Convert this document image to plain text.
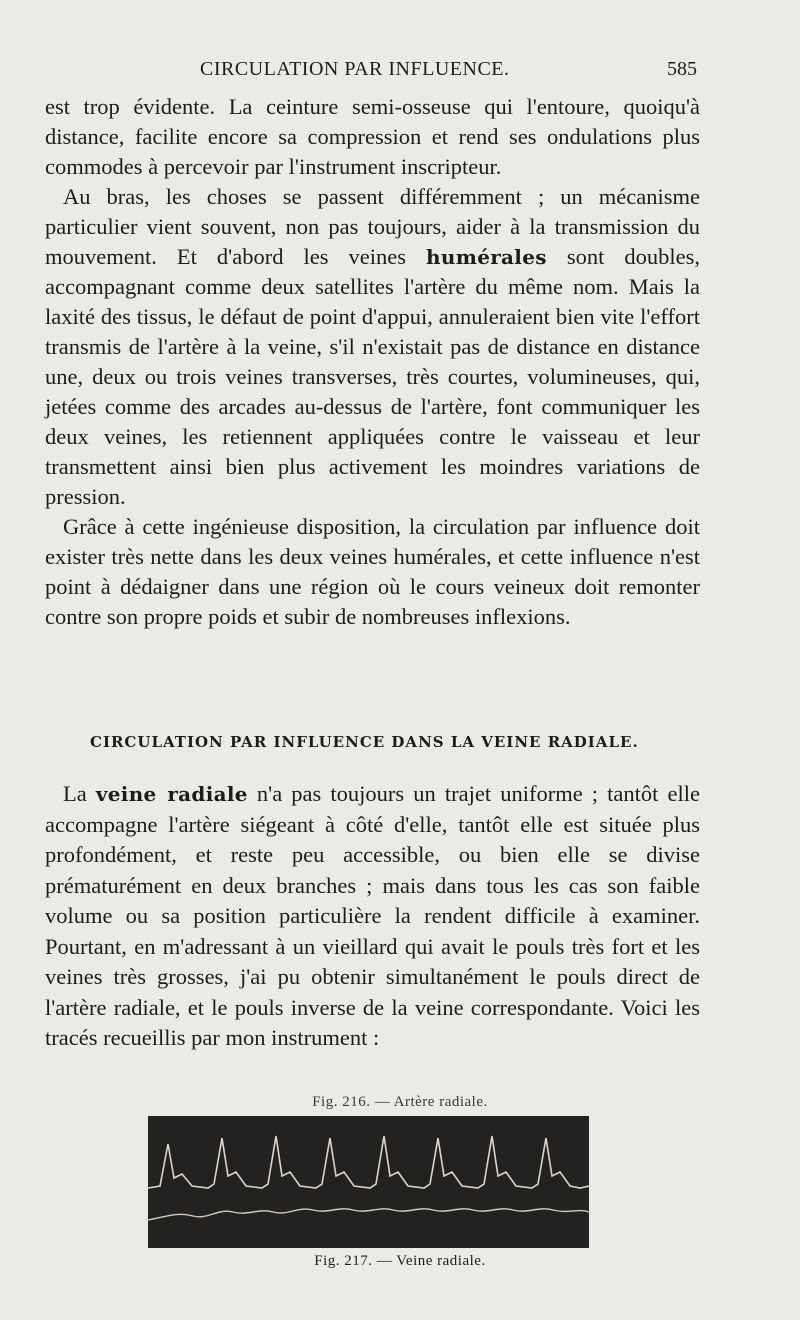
CIRCULATION PAR INFLUENCE.	585

est trop évidente. La ceinture semi-osseuse qui l'entoure, quoiqu'à distance, facilite encore sa compression et rend ses ondulations plus commodes à percevoir par l'instrument inscripteur.

Au bras, les choses se passent différemment ; un mécanisme particulier vient souvent, non pas toujours, aider à la transmission du mouvement. Et d'abord les veines humérales sont doubles, accompagnant comme deux satellites l'artère du même nom. Mais la laxité des tissus, le défaut de point d'appui, annuleraient bien vite l'effort transmis de l'artère à la veine, s'il n'existait pas de distance en distance une, deux ou trois veines transverses, très courtes, volumineuses, qui, jetées comme des arcades au-dessus de l'artère, font communiquer les deux veines, les retiennent appliquées contre le vaisseau et leur transmettent ainsi bien plus activement les moindres variations de pression.

Grâce à cette ingénieuse disposition, la circulation par influence doit exister très nette dans les deux veines humérales, et cette influence n'est point à dédaigner dans une région où le cours veineux doit remonter contre son propre poids et subir de nombreuses inflexions.

CIRCULATION PAR INFLUENCE DANS LA VEINE RADIALE.

La veine radiale n'a pas toujours un trajet uniforme ; tantôt elle accompagne l'artère siégeant à côté d'elle, tantôt elle est située plus profondément, et reste peu accessible, ou bien elle se divise prématurément en deux branches ; mais dans tous les cas son faible volume ou sa position particulière la rendent difficile à examiner. Pourtant, en m'adressant à un vieillard qui avait le pouls très fort et les veines très grosses, j'ai pu obtenir simultanément le pouls direct de l'artère radiale, et le pouls inverse de la veine correspondante. Voici les tracés recueillis par mon instrument :

Fig. 216. — Artère radiale.
Fig. 217. — Veine radiale.
